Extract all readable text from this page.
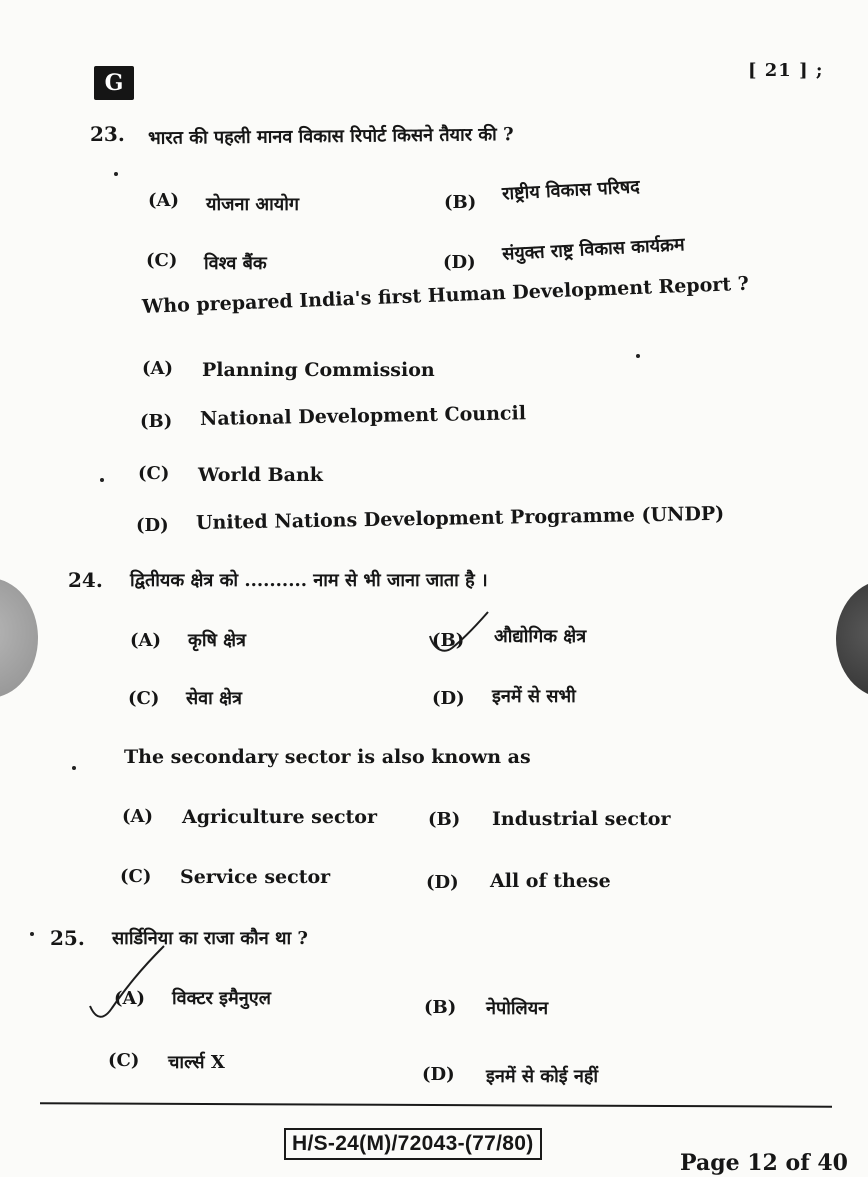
G	[ 21 ] ;
23. भारत की पहली मानव विकास रिपोर्ट किसने तैयार की ?
(A) योजना आयोग	(B) राष्ट्रीय विकास परिषद
(C) विश्व बैंक	(D) संयुक्त राष्ट्र विकास कार्यक्रम
Who prepared India's first Human Development Report ?
(A) Planning Commission
(B) National Development Council
(C) World Bank
(D) United Nations Development Programme (UNDP)
24. द्वितीयक क्षेत्र को .......... नाम से भी जाना जाता है ।
(A) कृषि क्षेत्र	(B) औद्योगिक क्षेत्र
(C) सेवा क्षेत्र	(D) इनमें से सभी
The secondary sector is also known as
(A) Agriculture sector	(B) Industrial sector
(C) Service sector	(D) All of these
25. सार्डिनिया का राजा कौन था ?
(A) विक्टर इमैनुएल	(B) नेपोलियन
(C) चार्ल्स X
(D) इनमें से कोई नहीं
H/S-24(M)/72043-(77/80)
Page 12 of 40
